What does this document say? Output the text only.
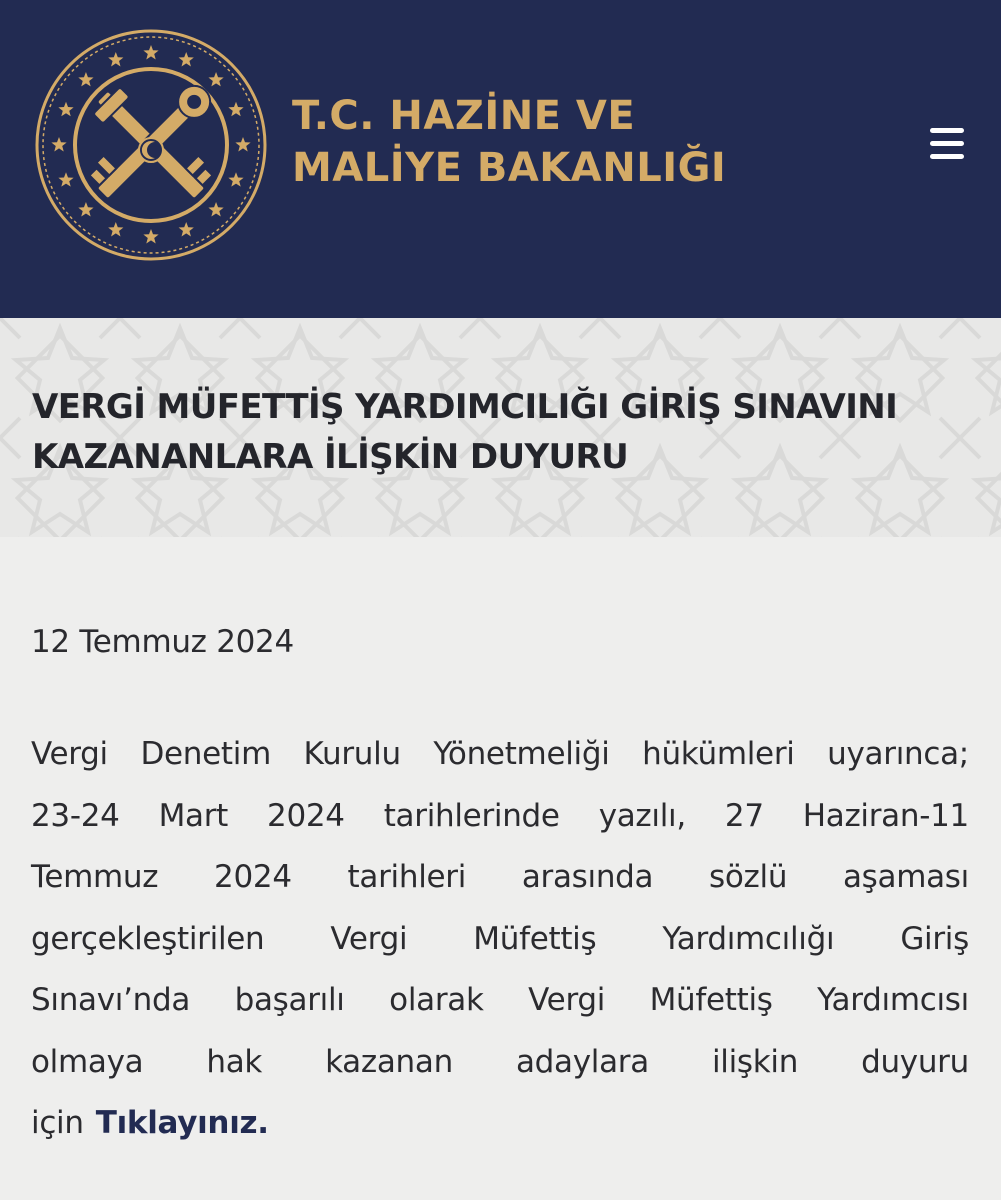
T.C. HAZİNE VE
MALİYE BAKANLIĞI
VERGİ MÜFETTİŞ YARDIMCILIĞI GİRİŞ SINAVINI
KAZANANLARA İLİŞKİN DUYURU
12 Temmuz 2024
Vergi Denetim Kurulu Yönetmeliği hükümleri uyarınca;
23-24 Mart 2024 tarihlerinde yazılı, 27 Haziran-11
Temmuz 2024 tarihleri arasında sözlü aşaması
gerçekleştirilen Vergi Müfettiş Yardımcılığı Giriş
Sınavı’nda başarılı olarak Vergi Müfettiş Yardımcısı
olmaya hak kazanan adaylara ilişkin duyuru
için Tıklayınız.
